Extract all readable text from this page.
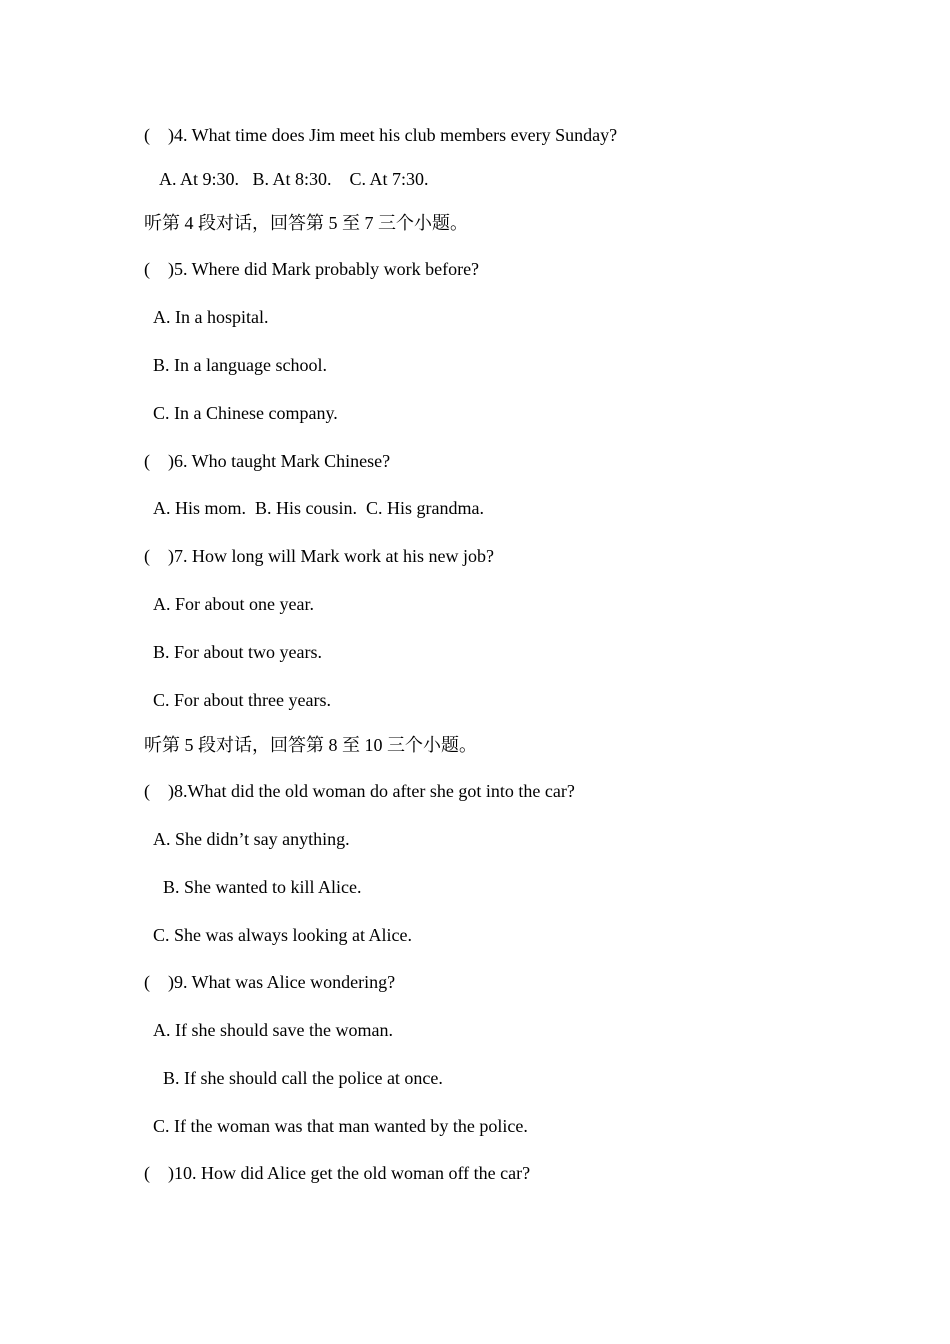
(    )4. What time does Jim meet his club members every Sunday?
A. At 9:30.   B. At 8:30.    C. At 7:30.
听第 4 段对话，回答第 5 至 7 三个小题。
(    )5. Where did Mark probably work before?
A. In a hospital.
B. In a language school.
C. In a Chinese company.
(    )6. Who taught Mark Chinese?
A. His mom.  B. His cousin.  C. His grandma.
(    )7. How long will Mark work at his new job?
A. For about one year.
B. For about two years.
C. For about three years.
听第 5 段对话，回答第 8 至 10 三个小题。
(    )8.What did the old woman do after she got into the car?
A. She didn’t say anything.
B. She wanted to kill Alice.
C. She was always looking at Alice.
(    )9. What was Alice wondering?
A. If she should save the woman.
B. If she should call the police at once.
C. If the woman was that man wanted by the police.
(    )10. How did Alice get the old woman off the car?
